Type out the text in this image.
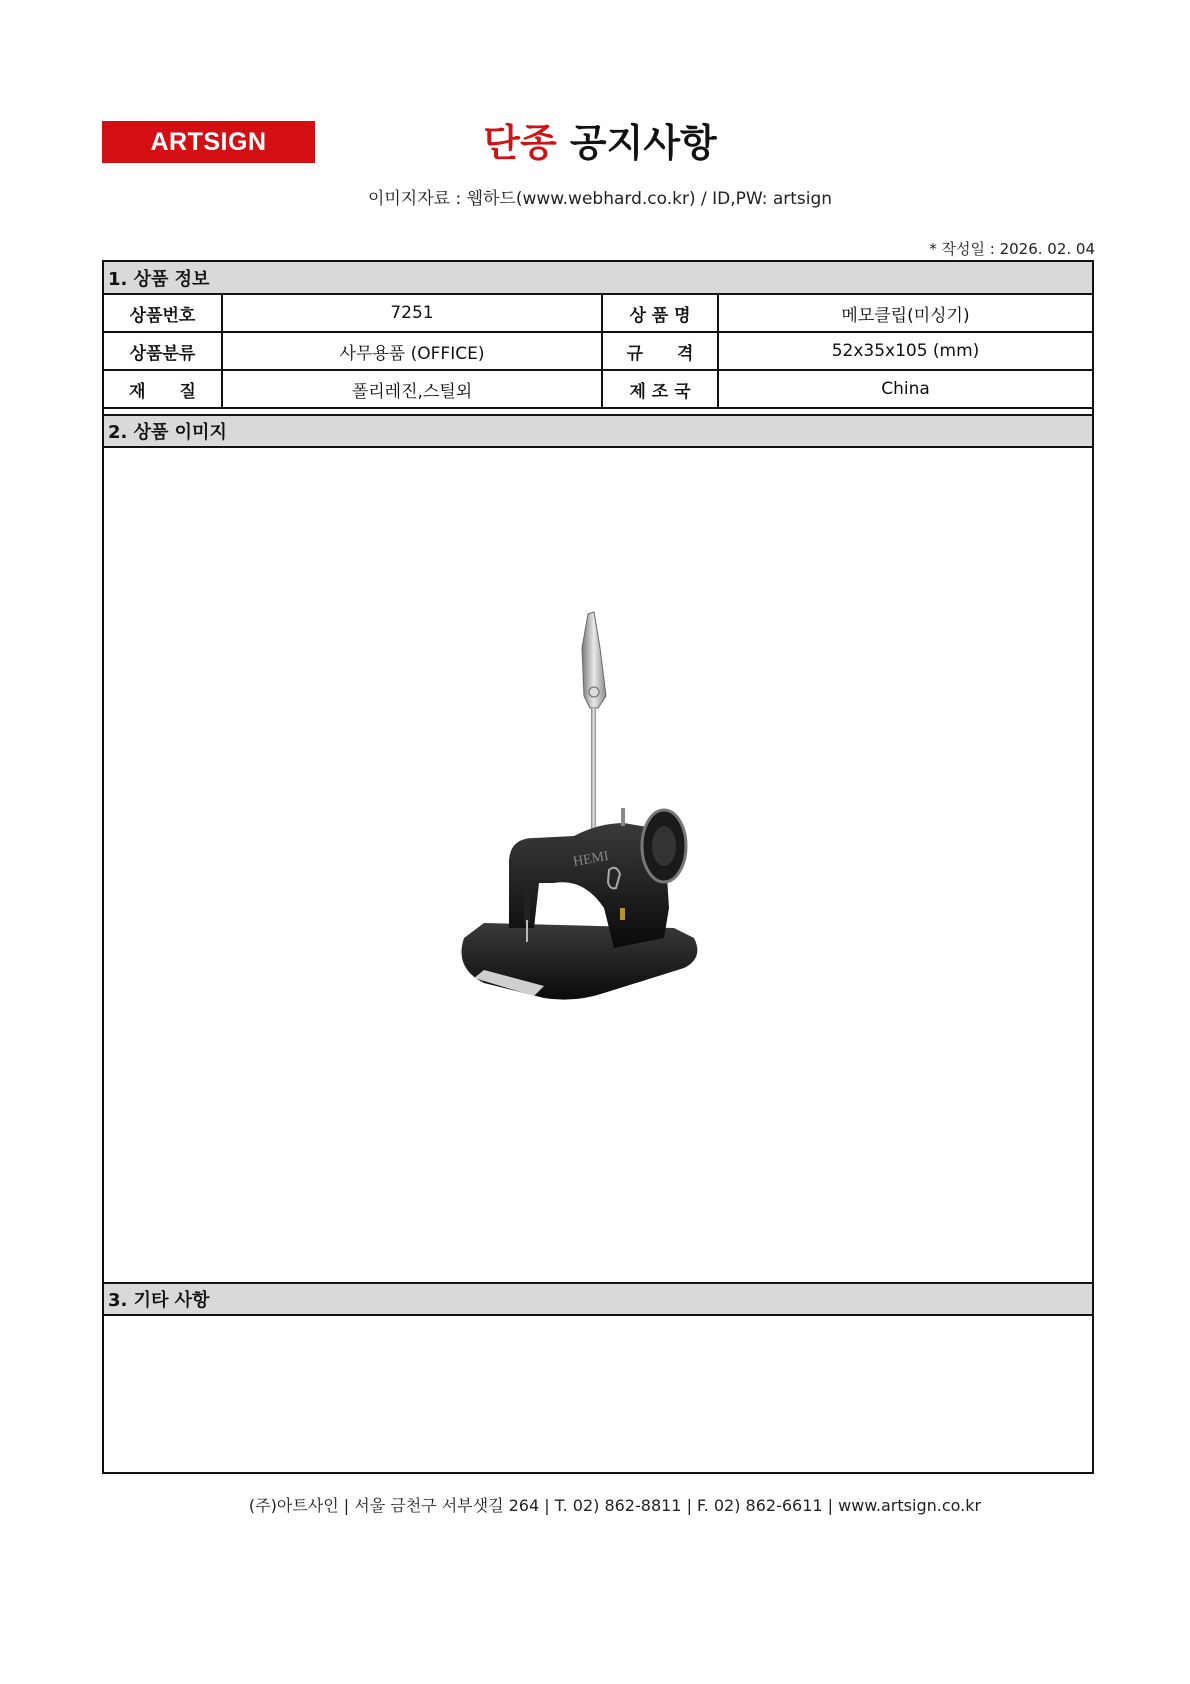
ARTSIGN	단종 공지사항
이미지자료 : 웹하드(www.webhard.co.kr) / ID,PW: artsign
* 작성일 : 2026. 02. 04
1. 상품 정보
상품번호	7251	상 품 명	메모클립(미싱기)
상품분류	사무용품 (OFFICE)	규　　격	52x35x105 (mm)
재　　질	폴리레진,스틸외	제 조 국	China
2. 상품 이미지
HEMI
3. 기타 사항
(주)아트사인 | 서울 금천구 서부샛길 264 | T. 02) 862-8811 | F. 02) 862-6611 | www.artsign.co.kr
